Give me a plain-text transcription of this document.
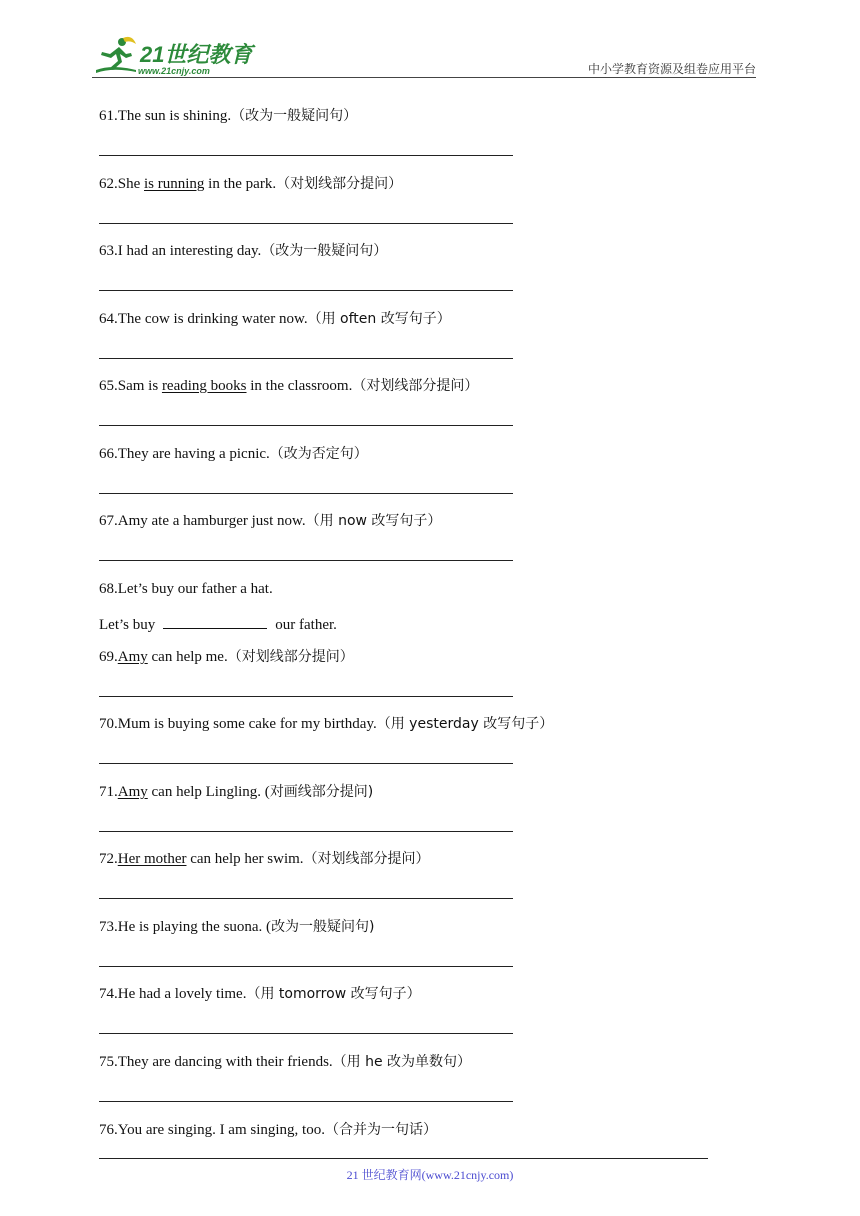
21世纪教育
www.21cnjy.com	中小学教育资源及组卷应用平台
61.The sun is shining.（改为一般疑问句）
62.She is running in the park.（对划线部分提问）
63.I had an interesting day.（改为一般疑问句）
64.The cow is drinking water now.（用 often 改写句子）
65.Sam is reading books in the classroom.（对划线部分提问）
66.They are having a picnic.（改为否定句）
67.Amy ate a hamburger just now.（用 now 改写句子）
68.Let’s buy our father a hat.
Let’s buy	our father.
69.Amy can help me.（对划线部分提问）
70.Mum is buying some cake for my birthday.（用 yesterday 改写句子）
71.Amy can help Lingling. (对画线部分提问)
72.Her mother can help her swim.（对划线部分提问）
73.He is playing the suona. (改为一般疑问句)
74.He had a lovely time.（用 tomorrow 改写句子）
75.They are dancing with their friends.（用 he 改为单数句）
76.You are singing. I am singing, too.（合并为一句话）
21 世纪教育网(www.21cnjy.com)
